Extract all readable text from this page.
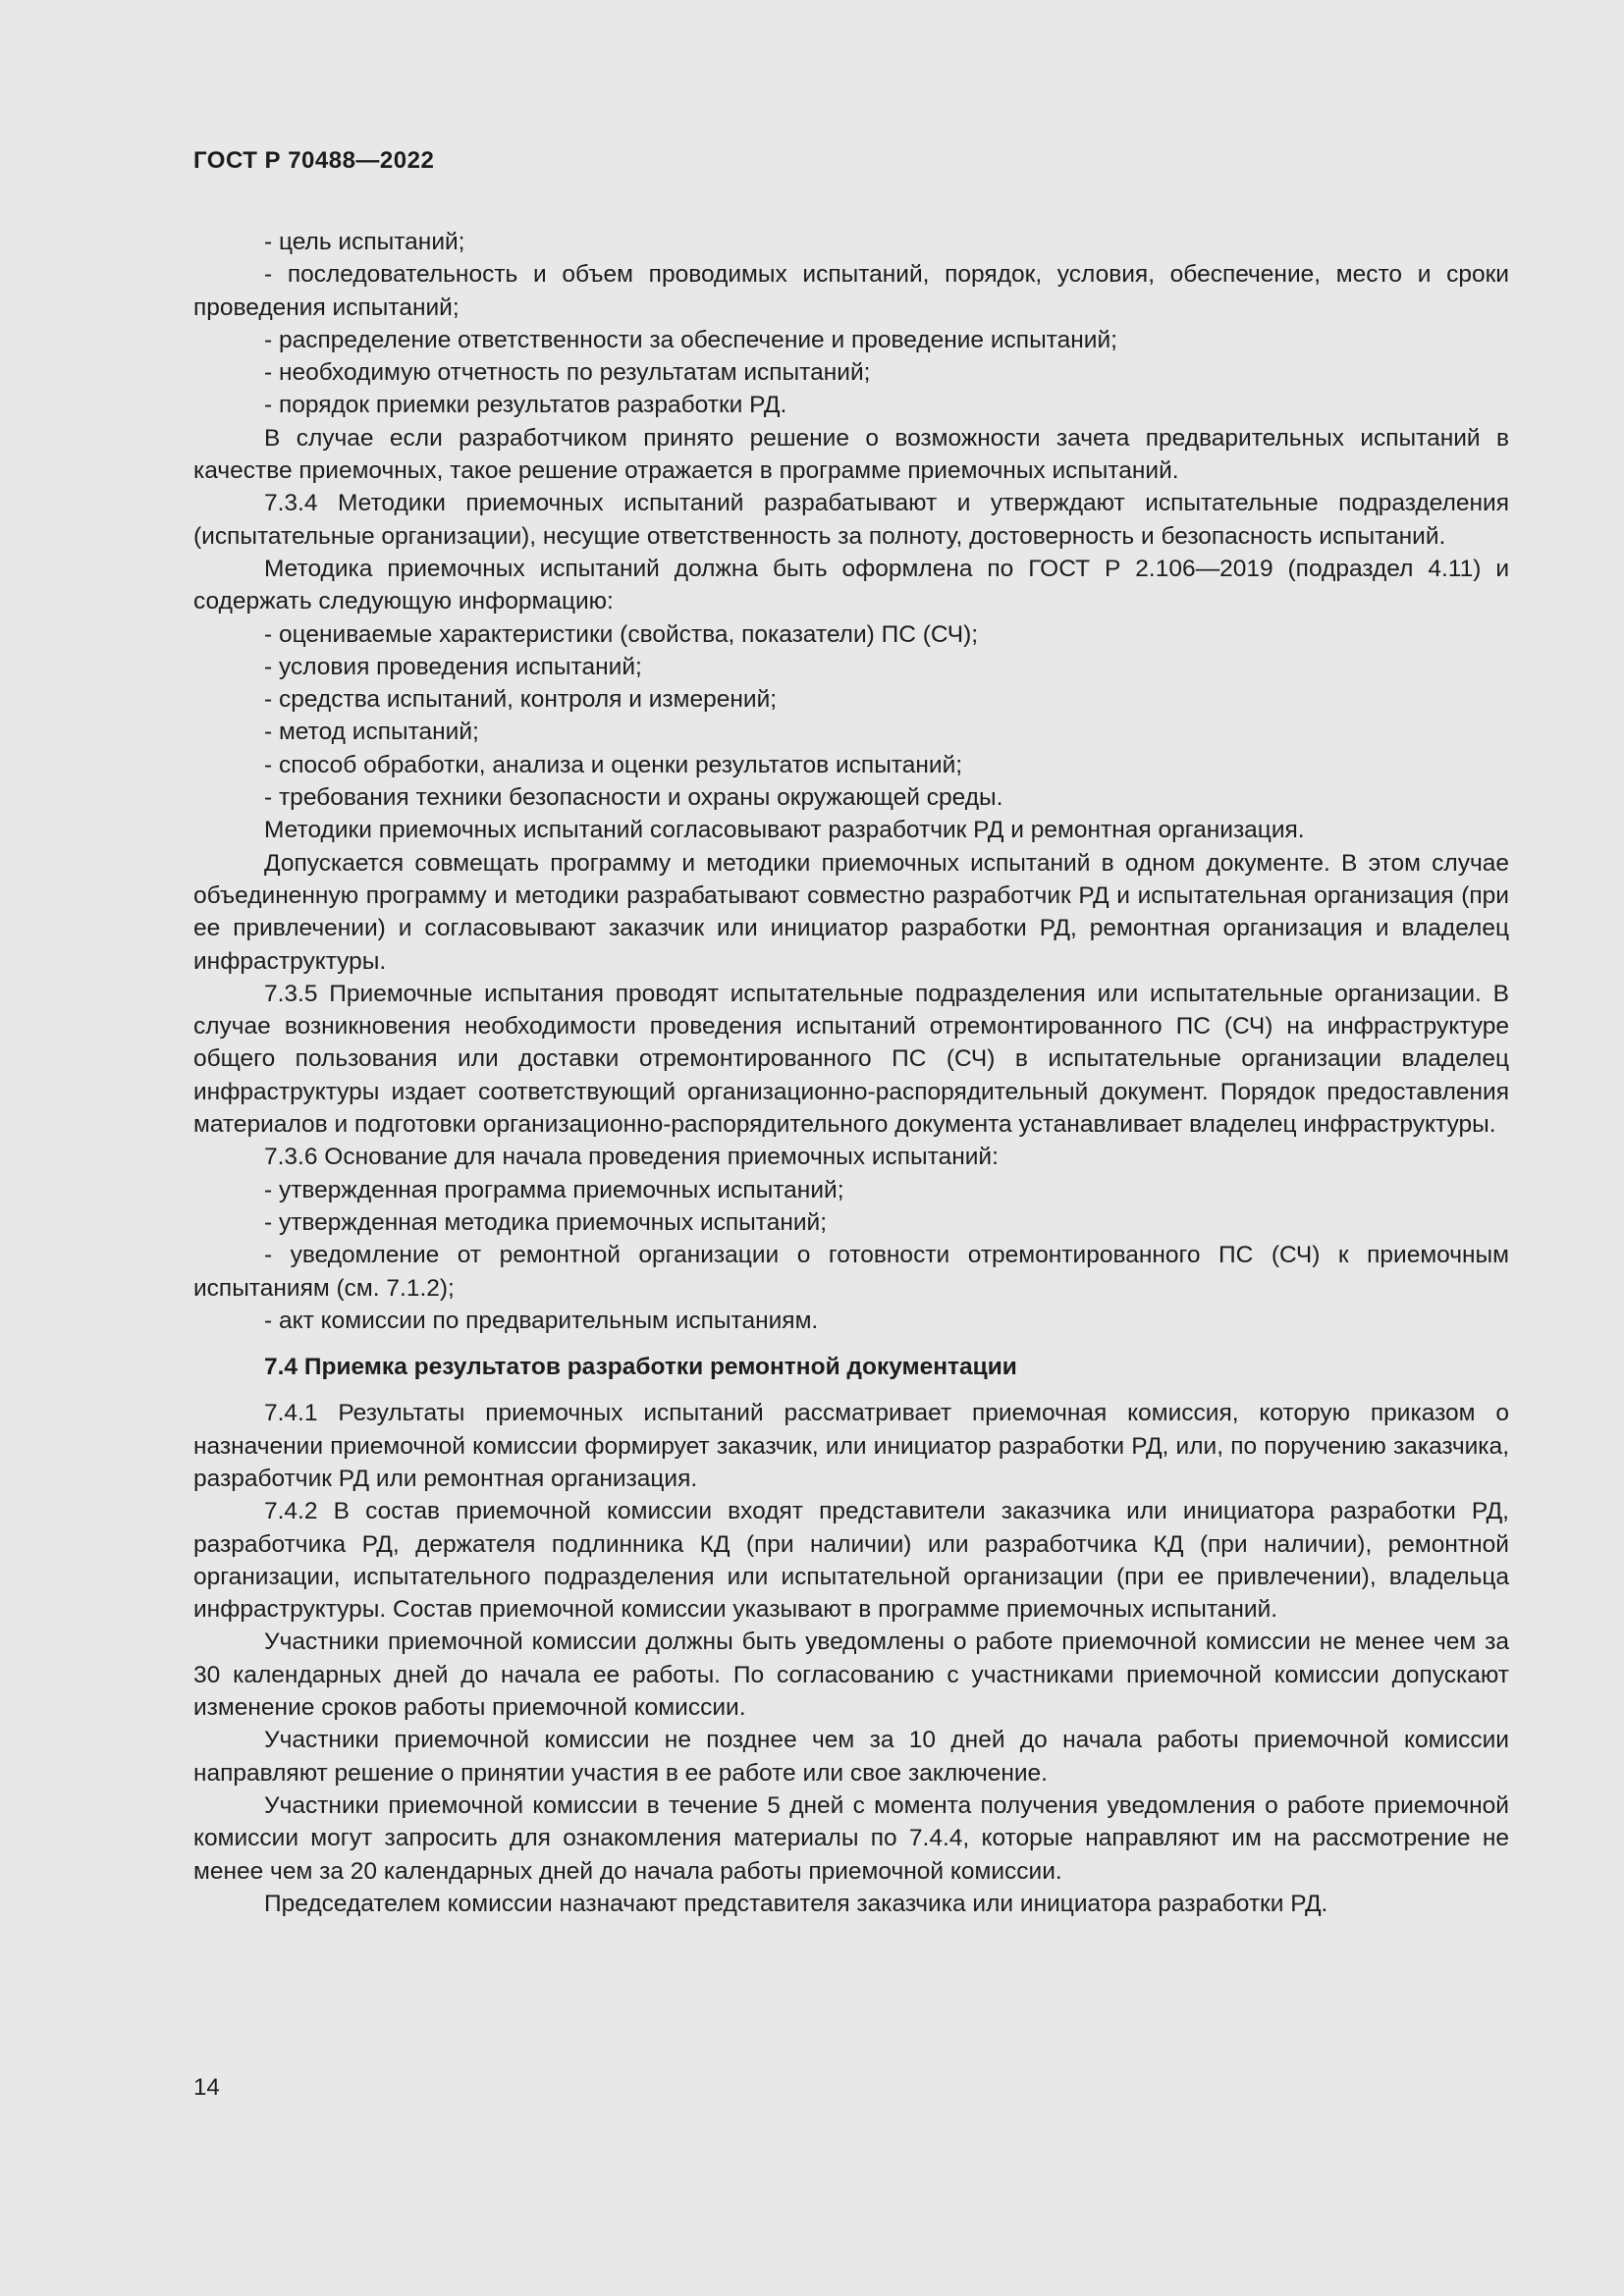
ГОСТ Р 70488—2022

- цель испытаний;

- последовательность и объем проводимых испытаний, порядок, условия, обеспечение, место и сроки проведения испытаний;

- распределение ответственности за обеспечение и проведение испытаний;

- необходимую отчетность по результатам испытаний;

- порядок приемки результатов разработки РД.

В случае если разработчиком принято решение о возможности зачета предварительных испытаний в качестве приемочных, такое решение отражается в программе приемочных испытаний.

7.3.4 Методики приемочных испытаний разрабатывают и утверждают испытательные подразделения (испытательные организации), несущие ответственность за полноту, достоверность и безопасность испытаний.

Методика приемочных испытаний должна быть оформлена по ГОСТ Р 2.106—2019 (подраздел 4.11) и содержать следующую информацию:

- оцениваемые характеристики (свойства, показатели) ПС (СЧ);

- условия проведения испытаний;

- средства испытаний, контроля и измерений;

- метод испытаний;

- способ обработки, анализа и оценки результатов испытаний;

- требования техники безопасности и охраны окружающей среды.

Методики приемочных испытаний согласовывают разработчик РД и ремонтная организация.

Допускается совмещать программу и методики приемочных испытаний в одном документе. В этом случае объединенную программу и методики разрабатывают совместно разработчик РД и испытательная организация (при ее привлечении) и согласовывают заказчик или инициатор разработки РД, ремонтная организация и владелец инфраструктуры.

7.3.5 Приемочные испытания проводят испытательные подразделения или испытательные организации. В случае возникновения необходимости проведения испытаний отремонтированного ПС (СЧ) на инфраструктуре общего пользования или доставки отремонтированного ПС (СЧ) в испытательные организации владелец инфраструктуры издает соответствующий организационно-распорядительный документ. Порядок предоставления материалов и подготовки организационно-распорядительного документа устанавливает владелец инфраструктуры.

7.3.6 Основание для начала проведения приемочных испытаний:

- утвержденная программа приемочных испытаний;

- утвержденная методика приемочных испытаний;

- уведомление от ремонтной организации о готовности отремонтированного ПС (СЧ) к приемочным испытаниям (см. 7.1.2);

- акт комиссии по предварительным испытаниям.

7.4 Приемка результатов разработки ремонтной документации

7.4.1 Результаты приемочных испытаний рассматривает приемочная комиссия, которую приказом о назначении приемочной комиссии формирует заказчик, или инициатор разработки РД, или, по поручению заказчика, разработчик РД или ремонтная организация.

7.4.2 В состав приемочной комиссии входят представители заказчика или инициатора разработки РД, разработчика РД, держателя подлинника КД (при наличии) или разработчика КД (при наличии), ремонтной организации, испытательного подразделения или испытательной организации (при ее привлечении), владельца инфраструктуры. Состав приемочной комиссии указывают в программе приемочных испытаний.

Участники приемочной комиссии должны быть уведомлены о работе приемочной комиссии не менее чем за 30 календарных дней до начала ее работы. По согласованию с участниками приемочной комиссии допускают изменение сроков работы приемочной комиссии.

Участники приемочной комиссии не позднее чем за 10 дней до начала работы приемочной комиссии направляют решение о принятии участия в ее работе или свое заключение.

Участники приемочной комиссии в течение 5 дней с момента получения уведомления о работе приемочной комиссии могут запросить для ознакомления материалы по 7.4.4, которые направляют им на рассмотрение не менее чем за 20 календарных дней до начала работы приемочной комиссии.

Председателем комиссии назначают представителя заказчика или инициатора разработки РД.

14
